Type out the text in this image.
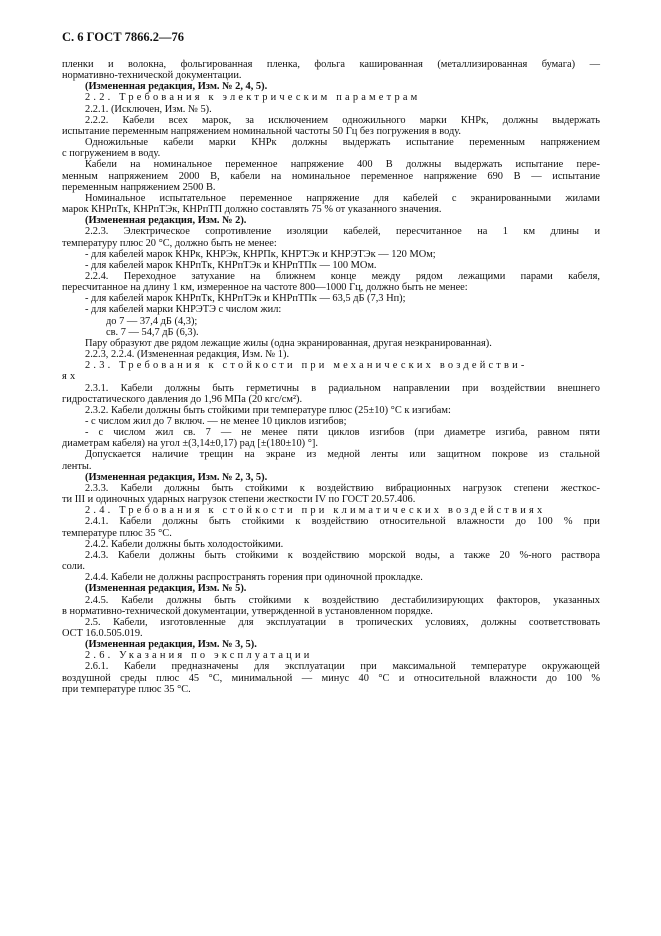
С. 6 ГОСТ 7866.2—76
пленки и волокна, фольгированная пленка, фольга кашированная (металлизированная бумага) —
нормативно-технической документации.
(Измененная редакция, Изм. № 2, 4, 5).
2.2. Требования к электрическим параметрам
2.2.1. (Исключен, Изм. № 5).
2.2.2. Кабели всех марок, за исключением одножильного марки КНРк, должны выдержать
испытание переменным напряжением номинальной частоты 50 Гц без погружения в воду.
Одножильные кабели марки КНРк должны выдержать испытание переменным напряжением
с погружением в воду.
Кабели на номинальное переменное напряжение 400 В должны выдержать испытание пере-
менным напряжением 2000 В, кабели на номинальное переменное напряжение 690 В — испытание
переменным напряжением 2500 В.
Номинальное испытательное переменное напряжение для кабелей с экранированными жилами
марок КНРпТк, КНРпТЭк, КНРпТП должно составлять 75 % от указанного значения.
(Измененная редакция, Изм. № 2).
2.2.3. Электрическое сопротивление изоляции кабелей, пересчитанное на 1 км длины и
температуру плюс 20 °С, должно быть не менее:
- для кабелей марок КНРк, КНРЭк, КНРПк, КНРТЭк и КНРЭТЭк — 120 МОм;
- для кабелей марок КНРпТк, КНРпТЭк и КНРпТПк — 100 МОм.
2.2.4. Переходное затухание на ближнем конце между рядом лежащими парами кабеля,
пересчитанное на длину 1 км, измеренное на частоте 800—1000 Гц, должно быть не менее:
- для кабелей марок КНРпТк, КНРпТЭк и КНРпТПк — 63,5 дБ (7,3 Нп);
- для кабелей марки КНРЭТЭ с числом жил:
до 7 — 37,4 дБ (4,3);
св. 7 — 54,7 дБ (6,3).
Пару образуют две рядом лежащие жилы (одна экранированная, другая неэкранированная).
2.2.3, 2.2.4. (Измененная редакция, Изм. № 1).
2.3. Требования к стойкости при механических воздействи-
ях
2.3.1. Кабели должны быть герметичны в радиальном направлении при воздействии внешнего
гидростатического давления до 1,96 МПа (20 кгс/см²).
2.3.2. Кабели должны быть стойкими при температуре плюс (25±10) °С к изгибам:
- с числом жил до 7 включ. — не менее 10 циклов изгибов;
- с числом жил св. 7 — не менее пяти циклов изгибов (при диаметре изгиба, равном пяти
диаметрам кабеля) на угол ±(3,14±0,17) рад [±(180±10) °].
Допускается наличие трещин на экране из медной ленты или защитном покрове из стальной
ленты.
(Измененная редакция, Изм. № 2, 3, 5).
2.3.3. Кабели должны быть стойкими к воздействию вибрационных нагрузок степени жесткос-
ти III и одиночных ударных нагрузок степени жесткости IV по ГОСТ 20.57.406.
2.4. Требования к стойкости при климатических воздействиях
2.4.1. Кабели должны быть стойкими к воздействию относительной влажности до 100 % при
температуре плюс 35 °С.
2.4.2. Кабели должны быть холодостойкими.
2.4.3. Кабели должны быть стойкими к воздействию морской воды, а также 20 %-ного раствора
соли.
2.4.4. Кабели не должны распространять горения при одиночной прокладке.
(Измененная редакция, Изм. № 5).
2.4.5. Кабели должны быть стойкими к воздействию дестабилизирующих факторов, указанных
в нормативно-технической документации, утвержденной в установленном порядке.
2.5. Кабели, изготовленные для эксплуатации в тропических условиях, должны соответствовать
ОСТ 16.0.505.019.
(Измененная редакция, Изм. № 3, 5).
2.6. Указания по эксплуатации
2.6.1. Кабели предназначены для эксплуатации при максимальной температуре окружающей
воздушной среды плюс 45 °С, минимальной — минус 40 °С и относительной влажности до 100 %
при температуре плюс 35 °С.
